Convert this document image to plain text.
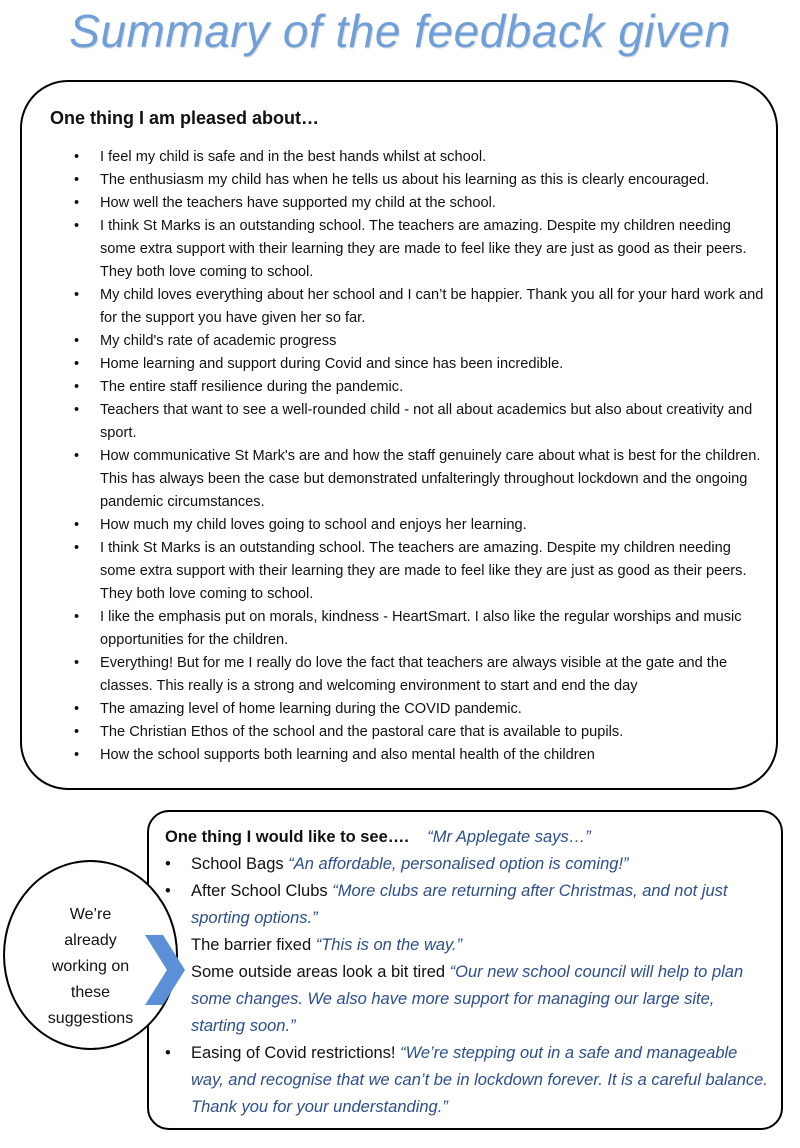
Summary of the feedback given
One thing I am pleased about…
• I feel my child is safe and in the best hands whilst at school.
• The enthusiasm my child has when he tells us about his learning as this is clearly encouraged.
• How well the teachers have supported my child at the school.
• I think St Marks is an outstanding school. The teachers are amazing. Despite my children needing some extra support with their learning they are made to feel like they are just as good as their peers. They both love coming to school.
• My child loves everything about her school and I can’t be happier. Thank you all for your hard work and for the support you have given her so far.
• My child's rate of academic progress
• Home learning and support during Covid and since has been incredible.
• The entire staff resilience during the pandemic.
• Teachers that want to see a well-rounded child - not all about academics but also about creativity and sport.
• How communicative St Mark's are and how the staff genuinely care about what is best for the children. This has always been the case but demonstrated unfalteringly throughout lockdown and the ongoing pandemic circumstances.
• How much my child loves going to school and enjoys her learning.
• I think St Marks is an outstanding school. The teachers are amazing. Despite my children needing some extra support with their learning they are made to feel like they are just as good as their peers. They both love coming to school.
• I like the emphasis put on morals, kindness - HeartSmart. I also like the regular worships and music opportunities for the children.
• Everything! But for me I really do love the fact that teachers are always visible at the gate and the classes. This really is a strong and welcoming environment to start and end the day
• The amazing level of home learning during the COVID pandemic.
• The Christian Ethos of the school and the pastoral care that is available to pupils.
• How the school supports both learning and also mental health of the children
One thing I would like to see…. “Mr Applegate says…”
• School Bags “An affordable, personalised option is coming!”
• After School Clubs “More clubs are returning after Christmas, and not just sporting options.”
The barrier fixed “This is on the way.”
Some outside areas look a bit tired “Our new school council will help to plan some changes. We also have more support for managing our large site, starting soon.”
• Easing of Covid restrictions! “We’re stepping out in a safe and manageable way, and recognise that we can’t be in lockdown forever. It is a careful balance. Thank you for your understanding.”
We’re
already
working on
these
suggestions
